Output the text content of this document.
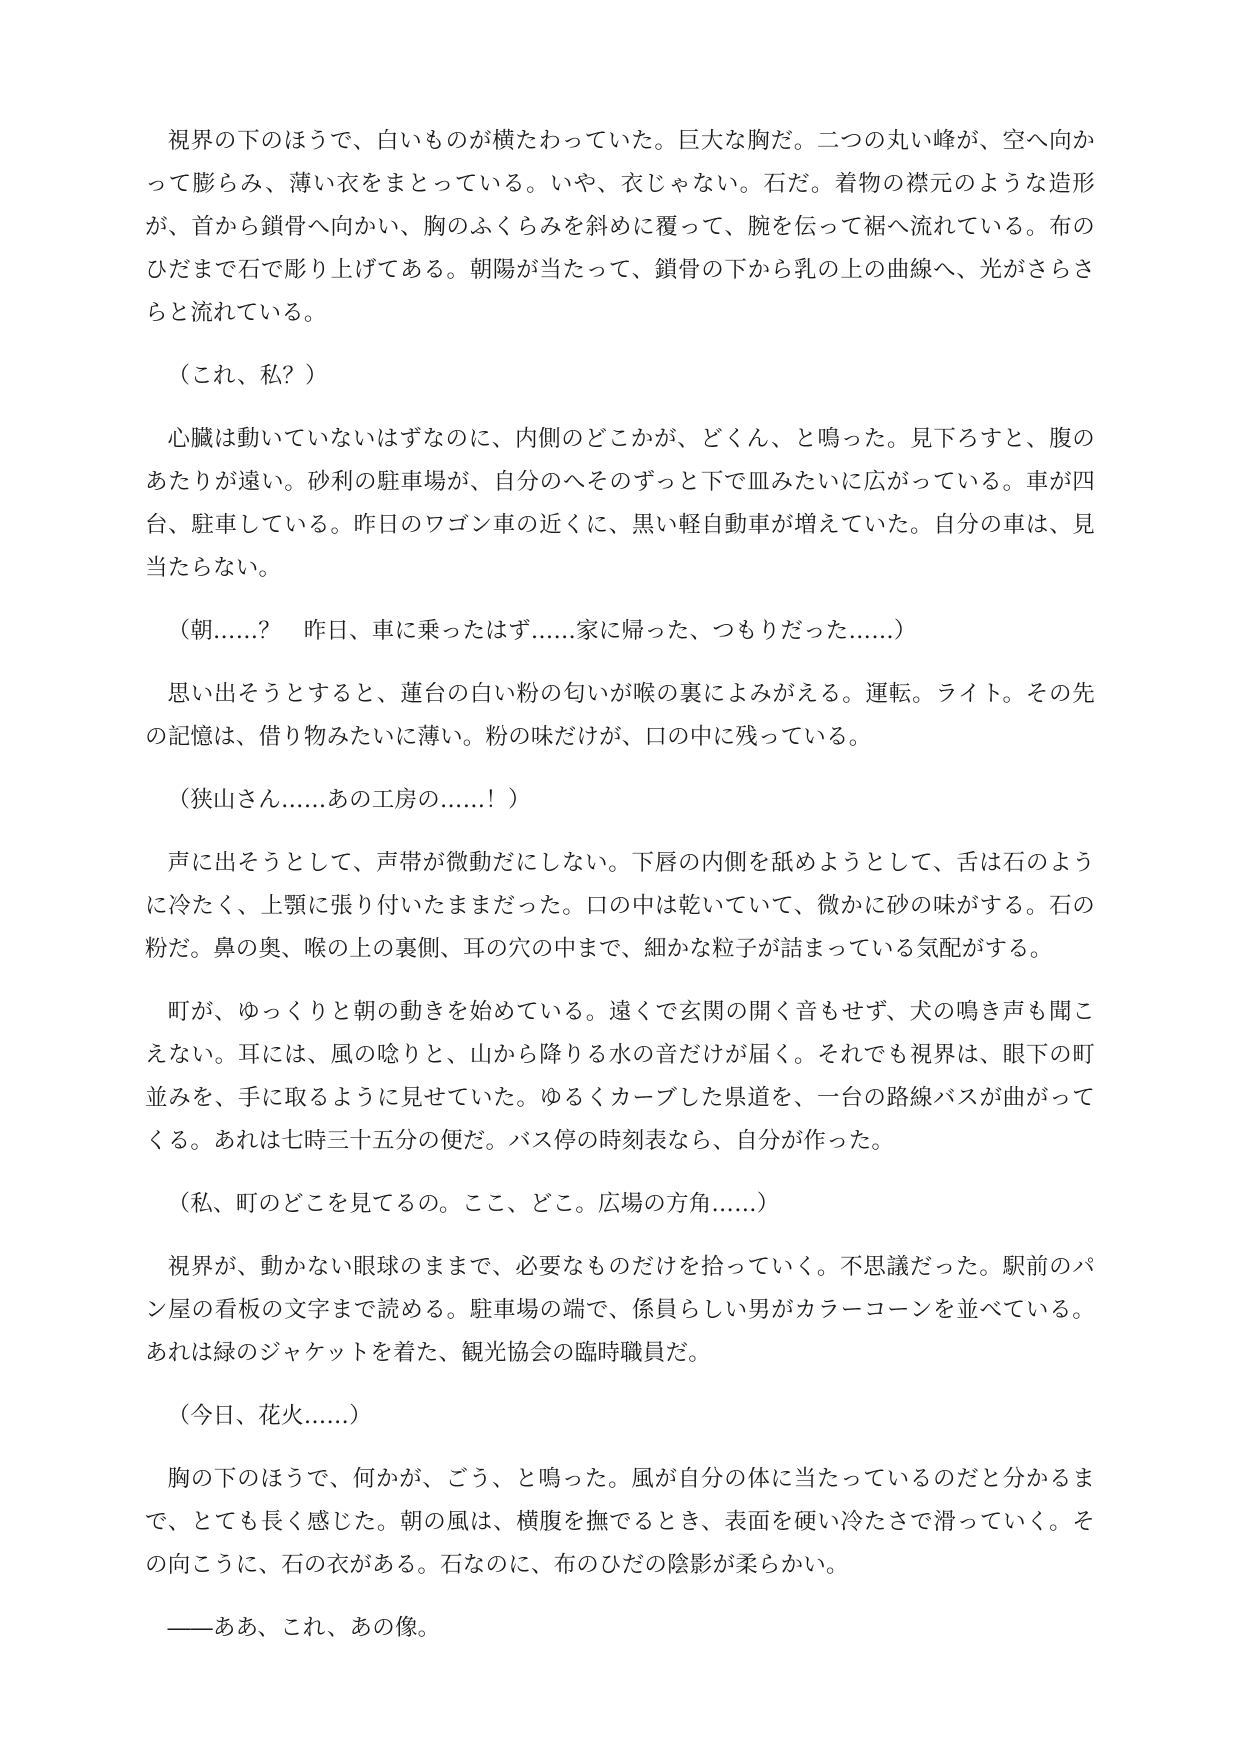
視界の下のほうで、白いものが横たわっていた。巨大な胸だ。二つの丸い峰が、空へ向かって膨らみ、薄い衣をまとっている。いや、衣じゃない。石だ。着物の襟元のような造形が、首から鎖骨へ向かい、胸のふくらみを斜めに覆って、腕を伝って裾へ流れている。布のひだまで石で彫り上げてある。朝陽が当たって、鎖骨の下から乳の上の曲線へ、光がさらさらと流れている。

（これ、私？）

心臓は動いていないはずなのに、内側のどこかが、どくん、と鳴った。見下ろすと、腹のあたりが遠い。砂利の駐車場が、自分のへそのずっと下で皿みたいに広がっている。車が四台、駐車している。昨日のワゴン車の近くに、黒い軽自動車が増えていた。自分の車は、見当たらない。

（朝……？　昨日、車に乗ったはず……家に帰った、つもりだった……）

思い出そうとすると、蓮台の白い粉の匂いが喉の裏によみがえる。運転。ライト。その先の記憶は、借り物みたいに薄い。粉の味だけが、口の中に残っている。

（狭山さん……あの工房の……！）

声に出そうとして、声帯が微動だにしない。下唇の内側を舐めようとして、舌は石のように冷たく、上顎に張り付いたままだった。口の中は乾いていて、微かに砂の味がする。石の粉だ。鼻の奥、喉の上の裏側、耳の穴の中まで、細かな粒子が詰まっている気配がする。

町が、ゆっくりと朝の動きを始めている。遠くで玄関の開く音もせず、犬の鳴き声も聞こえない。耳には、風の唸りと、山から降りる水の音だけが届く。それでも視界は、眼下の町並みを、手に取るように見せていた。ゆるくカーブした県道を、一台の路線バスが曲がってくる。あれは七時三十五分の便だ。バス停の時刻表なら、自分が作った。

（私、町のどこを見てるの。ここ、どこ。広場の方角……）

視界が、動かない眼球のままで、必要なものだけを拾っていく。不思議だった。駅前のパン屋の看板の文字まで読める。駐車場の端で、係員らしい男がカラーコーンを並べている。あれは緑のジャケットを着た、観光協会の臨時職員だ。

（今日、花火……）

胸の下のほうで、何かが、ごう、と鳴った。風が自分の体に当たっているのだと分かるまで、とても長く感じた。朝の風は、横腹を撫でるとき、表面を硬い冷たさで滑っていく。その向こうに、石の衣がある。石なのに、布のひだの陰影が柔らかい。

――ああ、これ、あの像。
